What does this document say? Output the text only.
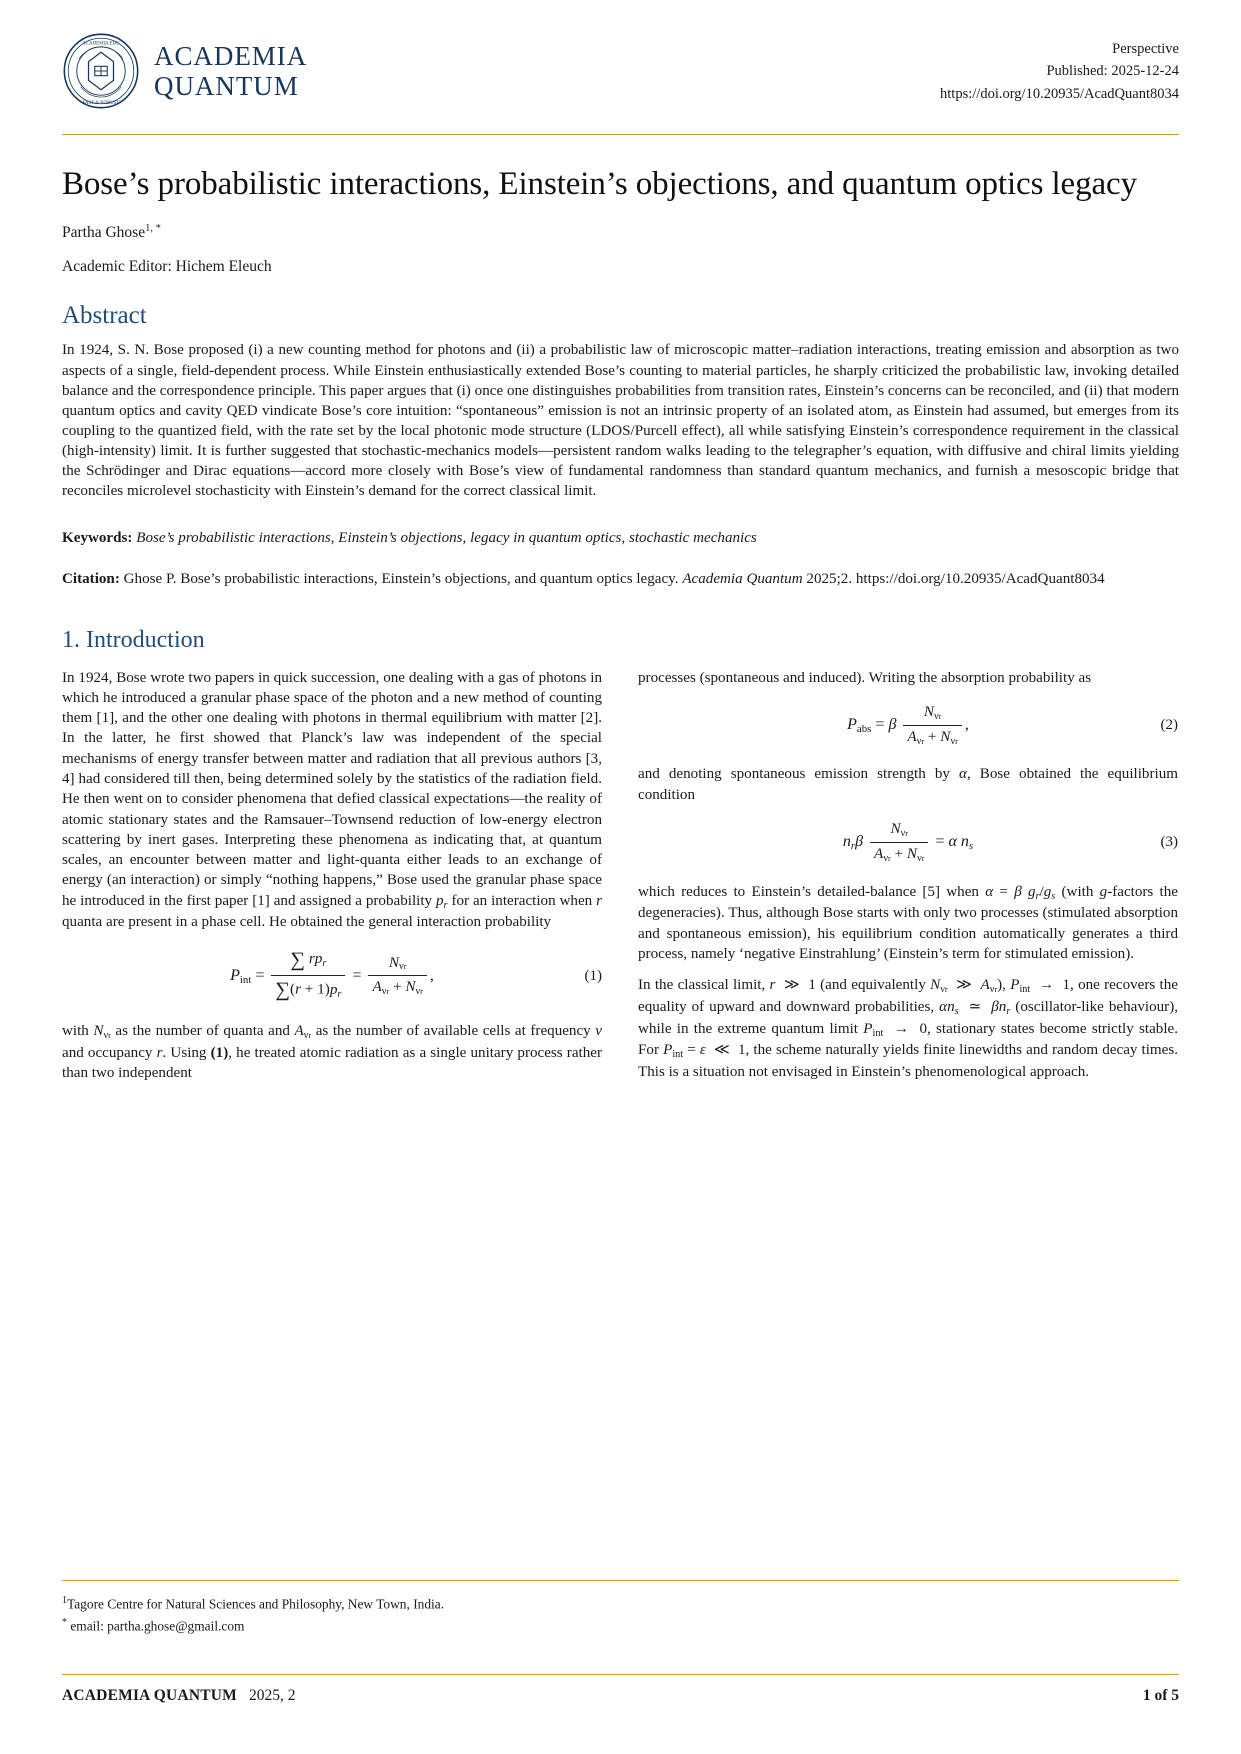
ACADEMIA.EDU
FAST & ROBUST
ACADEMIA
QUANTUM
Perspective
Published: 2025-12-24
https://doi.org/10.20935/AcadQuant8034
Bose’s probabilistic interactions, Einstein’s objections, and quantum optics legacy
Partha Ghose$^{1, *}$
Academic Editor: Hichem Eleuch
Abstract
In 1924, S. N. Bose proposed (i) a new counting method for photons and (ii) a probabilistic law of microscopic matter–radiation interactions, treating emission and absorption as two aspects of a single, field-dependent process. While Einstein enthusiastically extended Bose’s counting to material particles, he sharply criticized the probabilistic law, invoking detailed balance and the correspondence principle. This paper argues that (i) once one distinguishes probabilities from transition rates, Einstein’s concerns can be reconciled, and (ii) that modern quantum optics and cavity QED vindicate Bose’s core intuition: “spontaneous” emission is not an intrinsic property of an isolated atom, as Einstein had assumed, but emerges from its coupling to the quantized field, with the rate set by the local photonic mode structure (LDOS/Purcell effect), all while satisfying Einstein’s correspondence requirement in the classical (high-intensity) limit. It is further suggested that stochastic-mechanics models—persistent random walks leading to the telegrapher’s equation, with diffusive and chiral limits yielding the Schrödinger and Dirac equations—accord more closely with Bose’s view of fundamental randomness than standard quantum mechanics, and furnish a mesoscopic bridge that reconciles microlevel stochasticity with Einstein’s demand for the correct classical limit.
Keywords: Bose’s probabilistic interactions, Einstein’s objections, legacy in quantum optics, stochastic mechanics
Citation: Ghose P. Bose’s probabilistic interactions, Einstein’s objections, and quantum optics legacy. Academia Quantum 2025;2. https://doi.org/10.20935/AcadQuant8034
1. Introduction

In 1924, Bose wrote two papers in quick succession, one dealing with a gas of photons in which he introduced a granular phase space of the photon and a new method of counting them [1], and the other one dealing with photons in thermal equilibrium with matter [2]. In the latter, he first showed that Planck’s law was independent of the special mechanisms of energy transfer between matter and radiation that all previous authors [3, 4] had considered till then, being determined solely by the statistics of the radiation field. He then went on to consider phenomena that defied classical expectations—the reality of atomic stationary states and the Ramsauer–Townsend reduction of low-energy electron scattering by inert gases. Interpreting these phenomena as indicating that, at quantum scales, an encounter between matter and light-quanta either leads to an exchange of energy (an interaction) or simply “nothing happens,” Bose used the granular phase space he introduced in the first paper [1] and assigned a probability $p_r$ for an interaction when r quanta are present in a phase cell. He obtained the general interaction probability

$P_{int} = \frac{\sum rp_r}{\sum(r + 1)p_r} = \frac{N_{\nu r}}{A_{\nu r} + N_{\nu r}}$ ,	(1)

with $N_{\nu r}$ as the number of quanta and $A_{\nu r}$ as the number of available cells at frequency ν and occupancy r. Using (1), he treated atomic radiation as a single unitary process rather than two independent

processes (spontaneous and induced). Writing the absorption probability as

$P_{abs} = \beta \frac{N_{\nu r}}{A_{\nu r} + N_{\nu r}}$ ,	(2)

and denoting spontaneous emission strength by α, Bose obtained the equilibrium condition

$n_r\beta \frac{N_{\nu r}}{A_{\nu r} + N_{\nu r}} = \alpha$ $n_s$	(3)

which reduces to Einstein’s detailed-balance [5] when α = β $g_r/g_s$ (with g-factors the degeneracies). Thus, although Bose starts with only two processes (stimulated absorption and spontaneous emission), his equilibrium condition automatically generates a third process, namely ‘negative Einstrahlung’ (Einstein’s term for stimulated emission).

In the classical limit, r  ≫  1 (and equivalently $N_{\nu r}$  ≫  $A_{\nu r}$), $P_{int} \to 1$, one recovers the equality of upward and downward probabilities, $\alpha n_s$  ≃  $\beta n_r$ (oscillator-like behaviour), while in the extreme quantum limit $P_{int} \to 0$, stationary states become strictly stable. For $P_{int} = \varepsilon$  ≪  1, the scheme naturally yields finite linewidths and random decay times. This is a situation not envisaged in Einstein’s phenomenological approach.

$^1$Tagore Centre for Natural Sciences and Philosophy, New Town, India.
* email: partha.ghose@gmail.com
ACADEMIA QUANTUM 2025, 2	1 of 5
